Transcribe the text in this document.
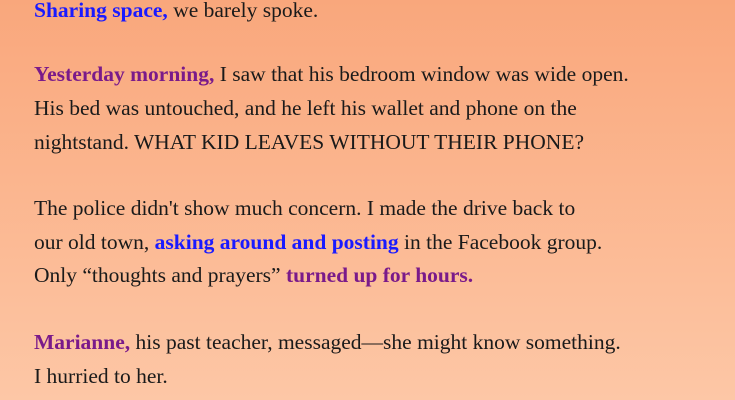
Sharing space, we barely spoke.
Yesterday morning, I saw that his bedroom window was wide open.
His bed was untouched, and he left his wallet and phone on the
nightstand. WHAT KID LEAVES WITHOUT THEIR PHONE?
The police didn't show much concern. I made the drive back to
our old town, asking around and posting in the Facebook group.
Only “thoughts and prayers” turned up for hours.
Marianne, his past teacher, messaged—she might know something.
I hurried to her.
